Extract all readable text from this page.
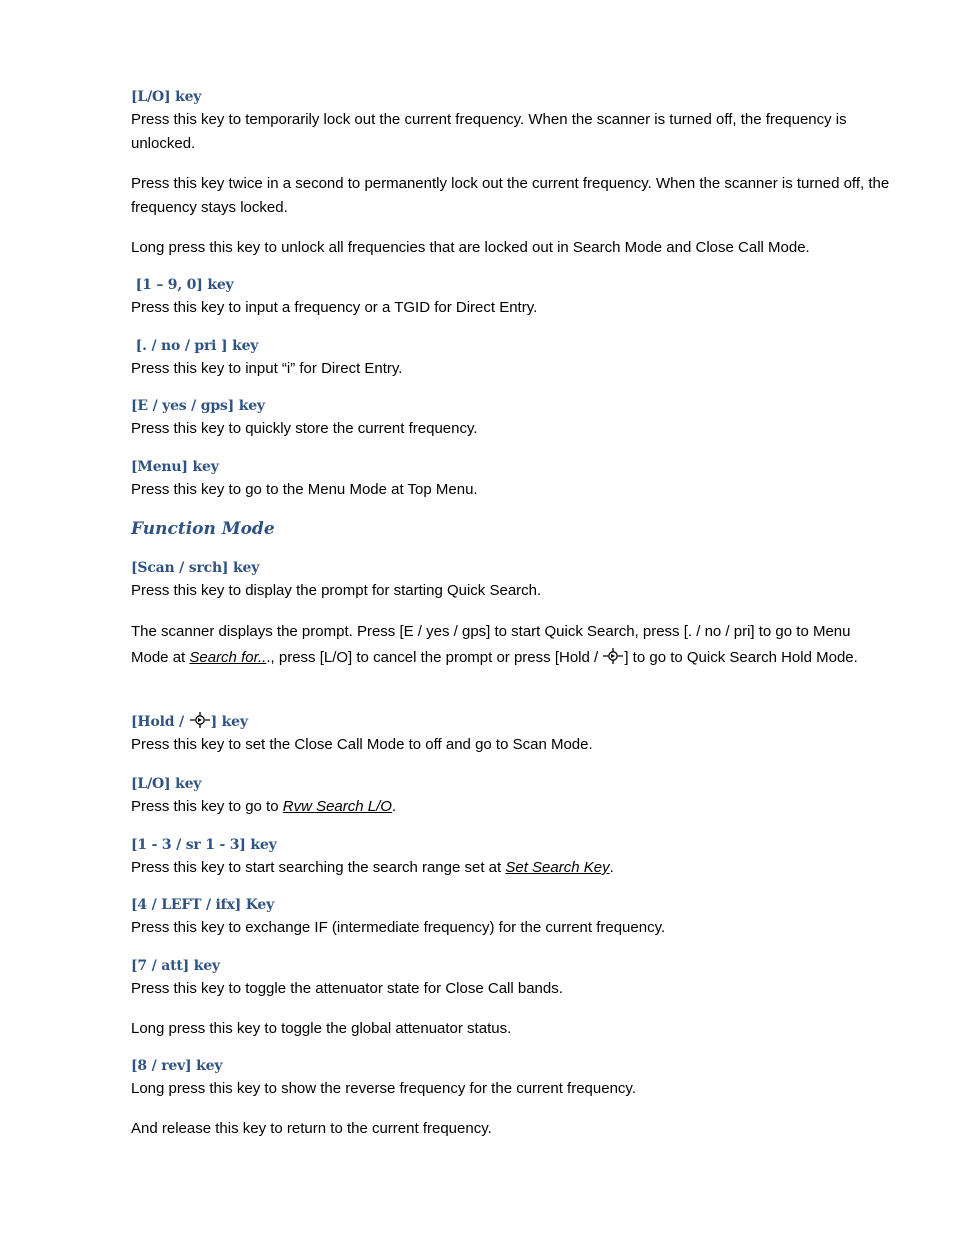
[L/O] key

Press this key to temporarily lock out the current frequency. When the scanner is turned off, the frequency is unlocked.

Press this key twice in a second to permanently lock out the current frequency. When the scanner is turned off, the frequency stays locked.

Long press this key to unlock all frequencies that are locked out in Search Mode and Close Call Mode.

[1 – 9, 0] key

Press this key to input a frequency or a TGID for Direct Entry.

[. / no / pri ] key

Press this key to input “i” for Direct Entry.

[E / yes / gps] key

Press this key to quickly store the current frequency.

[Menu] key

Press this key to go to the Menu Mode at Top Menu.

Function Mode

[Scan / srch] key

Press this key to display the prompt for starting Quick Search.

The scanner displays the prompt. Press [E / yes / gps] to start Quick Search, press [. / no / pri] to go to Menu Mode at Search for..., press [L/O] to cancel the prompt or press [Hold / ] to go to Quick Search Hold Mode.

[Hold / ] key

Press this key to set the Close Call Mode to off and go to Scan Mode.

[L/O] key

Press this key to go to Rvw Search L/O.

[1 - 3 / sr 1 - 3] key

Press this key to start searching the search range set at Set Search Key.

[4 / LEFT / ifx] Key

Press this key to exchange IF (intermediate frequency) for the current frequency.

[7 / att] key

Press this key to toggle the attenuator state for Close Call bands.

Long press this key to toggle the global attenuator status.

[8 / rev] key

Long press this key to show the reverse frequency for the current frequency.

And release this key to return to the current frequency.
